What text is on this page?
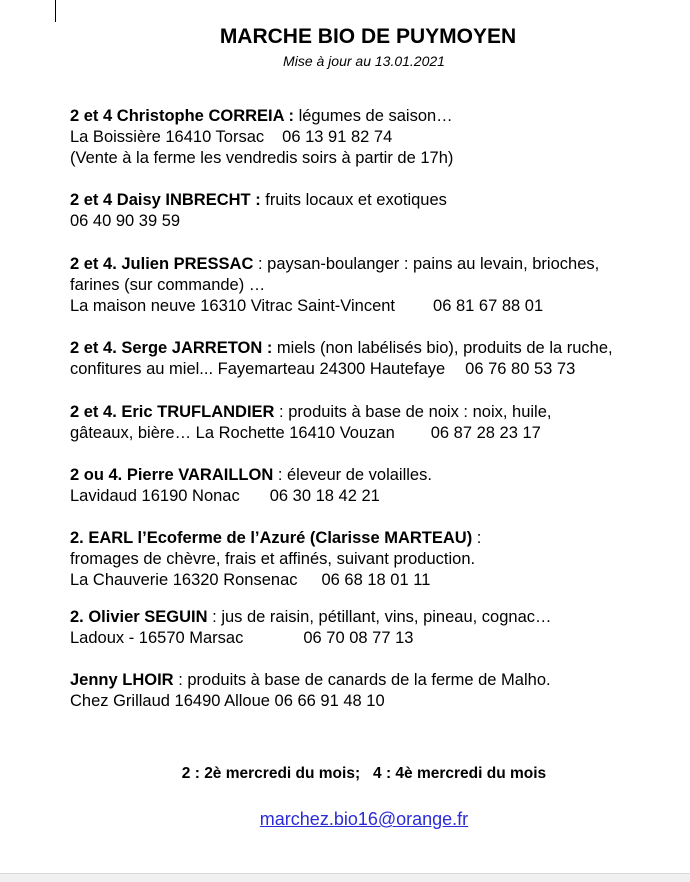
MARCHE BIO DE PUYMOYEN
Mise à jour au 13.01.2021
2 et 4 Christophe CORREIA : légumes de saison…
La Boissière 16410 Torsac 06 13 91 82 74
(Vente à la ferme les vendredis soirs à partir de 17h)
2 et 4 Daisy INBRECHT : fruits locaux et exotiques
06 40 90 39 59
2 et 4. Julien PRESSAC : paysan-boulanger : pains au levain, brioches,
farines (sur commande) …
La maison neuve 16310 Vitrac Saint-Vincent 06 81 67 88 01
2 et 4. Serge JARRETON : miels (non labélisés bio), produits de la ruche,
confitures au miel... Fayemarteau 24300 Hautefaye 06 76 80 53 73
2 et 4. Eric TRUFLANDIER : produits à base de noix : noix, huile,
gâteaux, bière… La Rochette 16410 Vouzan 06 87 28 23 17
2 ou 4. Pierre VARAILLON : éleveur de volailles.
Lavidaud 16190 Nonac 06 30 18 42 21
2. EARL l’Ecoferme de l’Azuré (Clarisse MARTEAU) :
fromages de chèvre, frais et affinés, suivant production.
La Chauverie 16320 Ronsenac 06 68 18 01 11
2. Olivier SEGUIN : jus de raisin, pétillant, vins, pineau, cognac…
Ladoux - 16570 Marsac	06 70 08 77 13
Jenny LHOIR : produits à base de canards de la ferme de Malho.
Chez Grillaud 16490 Alloue 06 66 91 48 10
2 : 2è mercredi du mois;   4 : 4è mercredi du mois
marchez.bio16@orange.fr
